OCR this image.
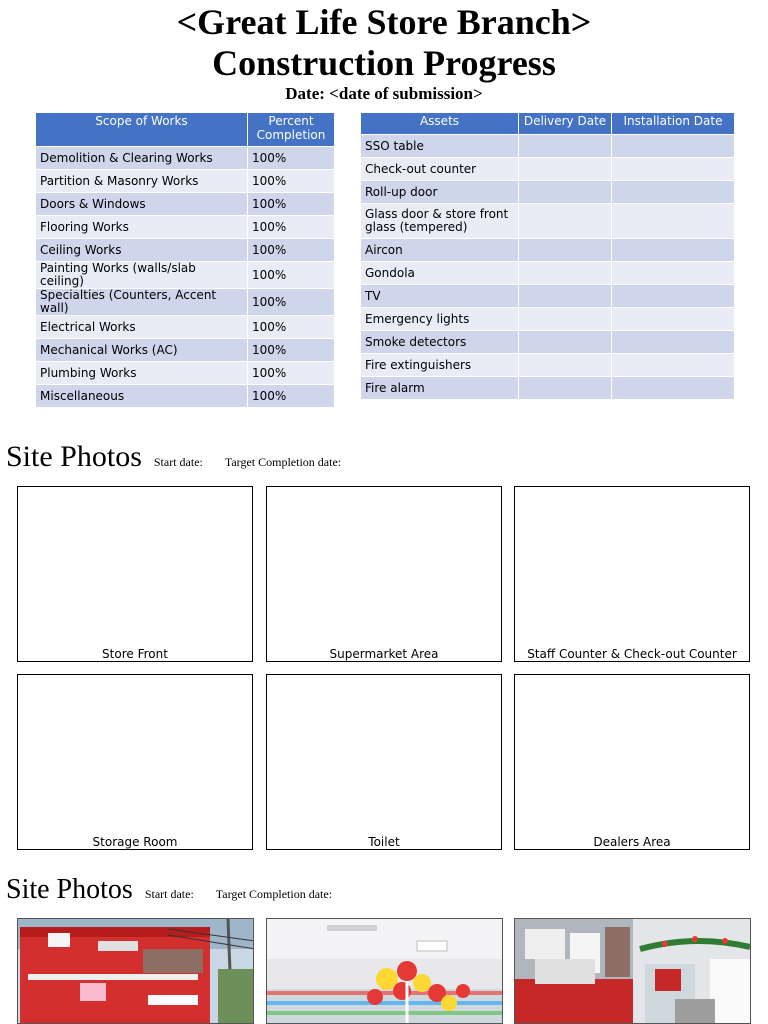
<Great Life Store Branch>
Construction Progress
Date: <date of submission>
Scope of Works	Percent Completion
Demolition & Clearing Works	100%
Partition & Masonry Works	100%
Doors & Windows	100%
Flooring Works	100%
Ceiling Works	100%
Painting Works (walls/slab ceiling)	100%
Specialties (Counters, Accent wall)	100%
Electrical Works	100%
Mechanical Works (AC)	100%
Plumbing Works	100%
Miscellaneous	100%
Assets	Delivery Date	Installation Date
SSO table		
Check-out counter		
Roll-up door		
Glass door & store front glass (tempered)		
Aircon		
Gondola		
TV		
Emergency lights		
Smoke detectors		
Fire extinguishers		
Fire alarm		
Site Photos Start date: Target Completion date:
Store Front	Supermarket Area	Staff Counter & Check-out Counter
Storage Room	Toilet	Dealers Area
Site Photos Start date: Target Completion date:
